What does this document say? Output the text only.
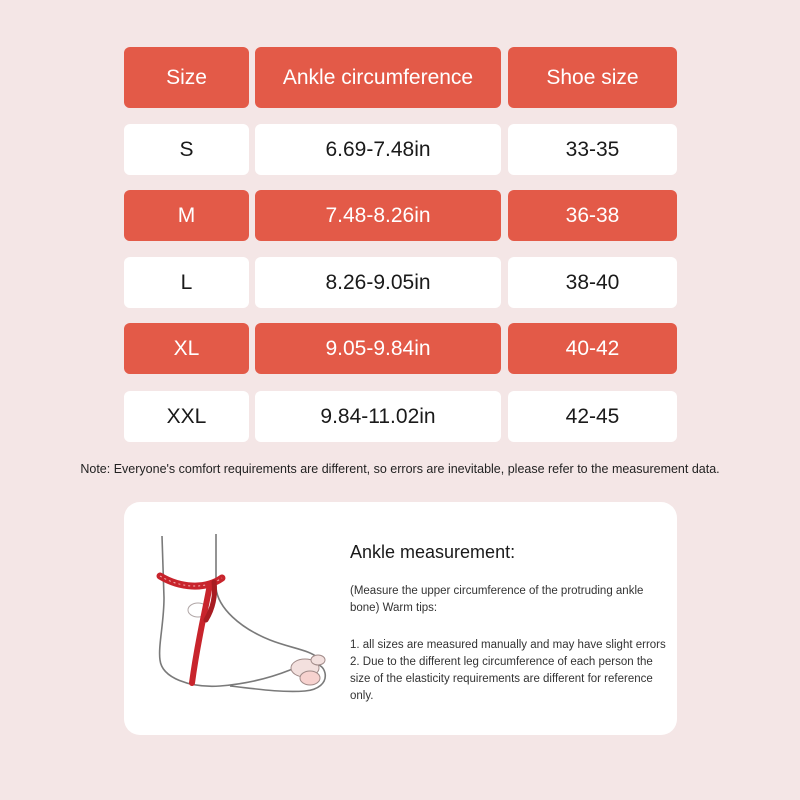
Size	Ankle circumference	Shoe size
S	6.69-7.48in	33-35
M	7.48-8.26in	36-38
L	8.26-9.05in	38-40
XL	9.05-9.84in	40-42
XXL	9.84-11.02in	42-45
Note: Everyone's comfort requirements are different, so errors are inevitable, please refer to the measurement data.
Ankle measurement:
(Measure the upper circumference of the protruding ankle bone) Warm tips:
1. all sizes are measured manually and may have slight errors
2. Due to the different leg circumference of each person the size of the elasticity requirements are different for reference only.
